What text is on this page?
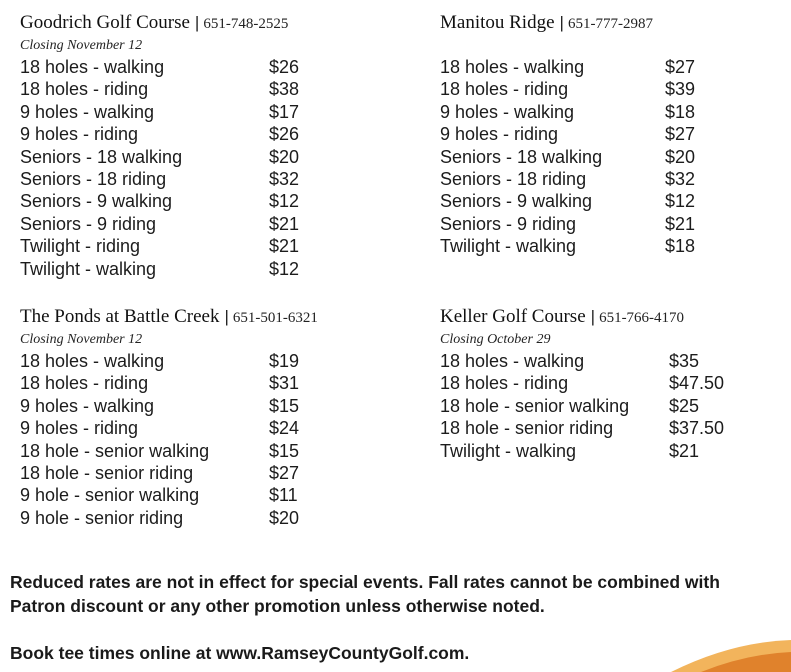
Goodrich Golf Course | 651-748-2525
Closing November 12
18 holes - walking	$26
18 holes - riding	$38
9 holes - walking	$17
9 holes - riding	$26
Seniors - 18 walking	$20
Seniors - 18 riding	$32
Seniors - 9 walking	$12
Seniors - 9 riding	$21
Twilight - riding	$21
Twilight - walking	$12
Manitou Ridge | 651-777-2987
18 holes - walking	$27
18 holes - riding	$39
9 holes - walking	$18
9 holes - riding	$27
Seniors - 18 walking	$20
Seniors - 18 riding	$32
Seniors - 9 walking	$12
Seniors - 9 riding	$21
Twilight - walking	$18
The Ponds at Battle Creek | 651-501-6321
Closing November 12
18 holes - walking	$19
18 holes - riding	$31
9 holes - walking	$15
9 holes - riding	$24
18 hole - senior walking	$15
18 hole - senior riding	$27
9 hole - senior walking	$11
9 hole - senior riding	$20
Keller Golf Course | 651-766-4170
Closing October 29
18 holes - walking	$35
18 holes - riding	$47.50
18 hole - senior walking $25
18 hole - senior riding	$37.50
Twilight - walking	$21
Reduced rates are not in effect for special events. Fall rates cannot be combined with Patron discount or any other promotion unless otherwise noted.
Book tee times online at www.RamseyCountyGolf.com.
